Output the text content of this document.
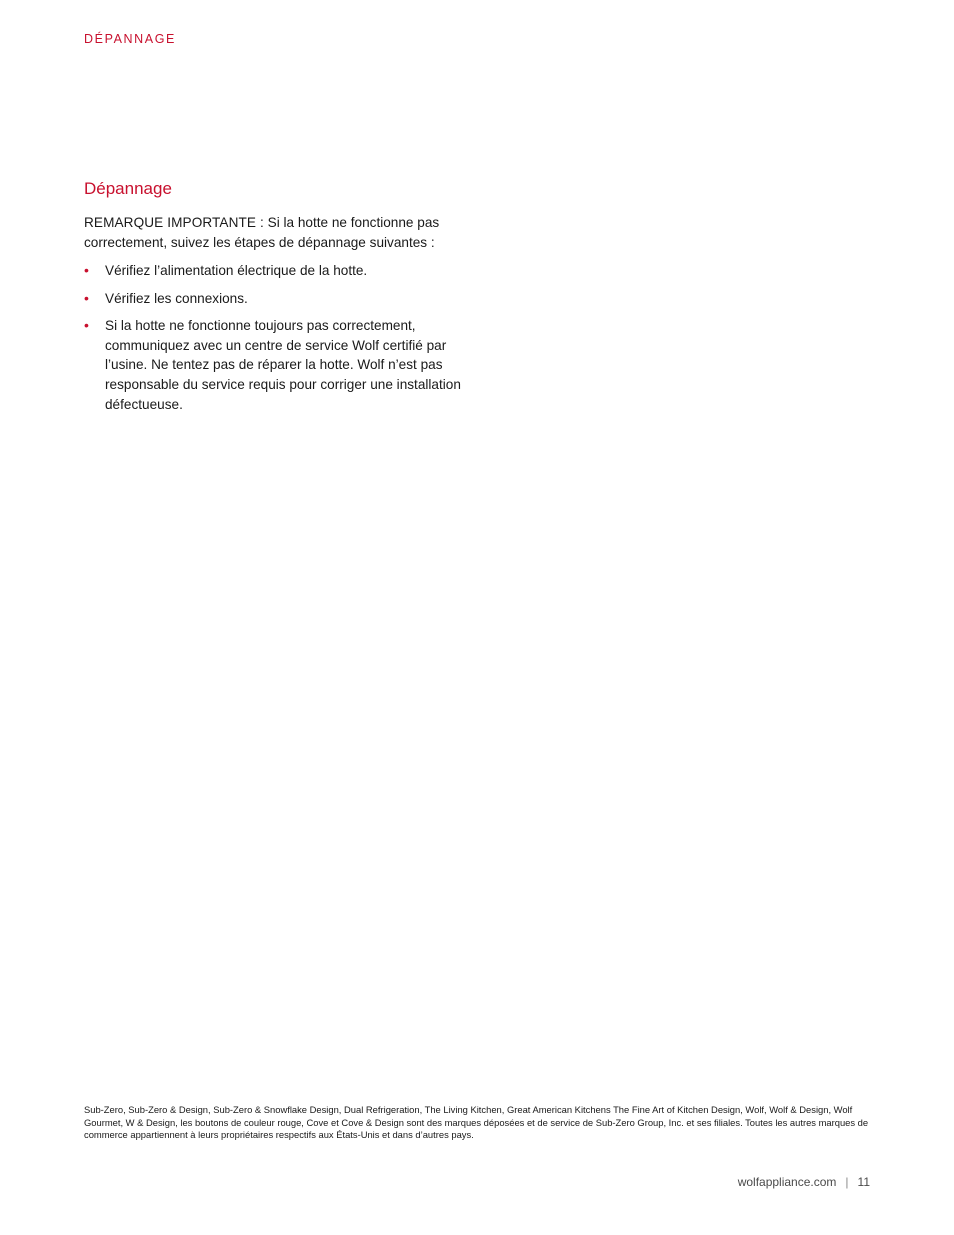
DÉPANNAGE
Dépannage

REMARQUE IMPORTANTE : Si la hotte ne fonctionne pas correctement, suivez les étapes de dépannage suivantes :

• Vérifiez l’alimentation électrique de la hotte.
• Vérifiez les connexions.
• Si la hotte ne fonctionne toujours pas correctement, communiquez avec un centre de service Wolf certifié par l’usine. Ne tentez pas de réparer la hotte. Wolf n’est pas responsable du service requis pour corriger une installation défectueuse.
Sub-Zero, Sub-Zero & Design, Sub-Zero & Snowflake Design, Dual Refrigeration, The Living Kitchen, Great American Kitchens The Fine Art of Kitchen Design, Wolf, Wolf & Design, Wolf Gourmet, W & Design, les boutons de couleur rouge, Cove et Cove & Design sont des marques déposées et de service de Sub-Zero Group, Inc. et ses filiales. Toutes les autres marques de commerce appartiennent à leurs propriétaires respectifs aux États-Unis et dans d’autres pays.
wolfappliance.com | 11
